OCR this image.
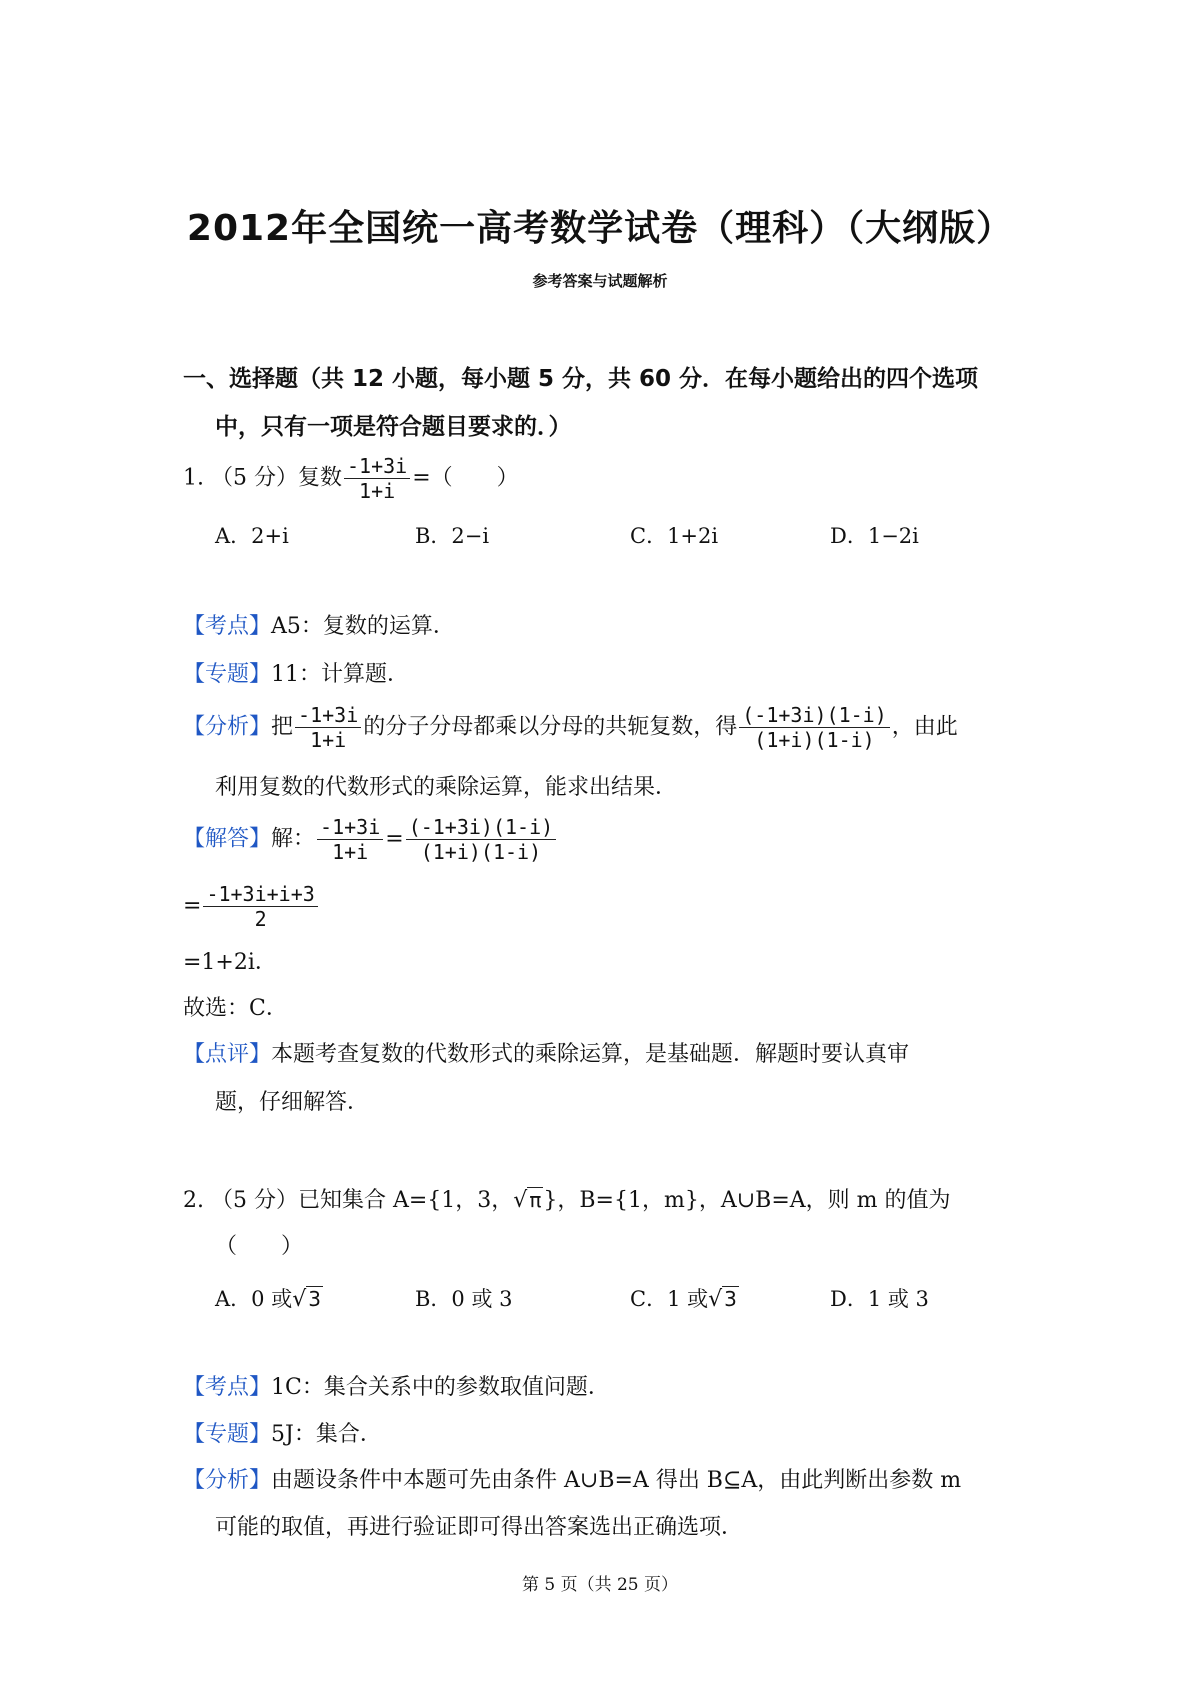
2012年全国统一高考数学试卷（理科）（大纲版）
参考答案与试题解析
一、选择题（共 12 小题，每小题 5 分，共 60 分．在每小题给出的四个选项
中，只有一项是符合题目要求的．）
1. （5 分）复数 $\frac{-1+3i}{1+i}$ =（　　）
A．2+i	B．2−i	C．1+2i	D．1−2i
【考点】A5：复数的运算．
【专题】11：计算题．
【分析】把 $\frac{-1+3i}{1+i}$ 的分子分母都乘以分母的共轭复数，得 $\frac{(-1+3i)(1-i)}{(1+i)(1-i)}$ ，由此
利用复数的代数形式的乘除运算，能求出结果．
【解答】解： $\frac{-1+3i}{1+i} = \frac{(-1+3i)(1-i)}{(1+i)(1-i)}$
= $\frac{-1+3i+i+3}{2}$
=1+2i．
故选：C．
【点评】本题考查复数的代数形式的乘除运算，是基础题．解题时要认真审
题，仔细解答．
2. （5 分）已知集合 A={1，3，√ π}，B={1，m}，A∪B=A，则 m 的值为
（　　）
A．0 或√ 3	B．0 或 3	C．1 或√ 3	D．1 或 3
【考点】1C：集合关系中的参数取值问题．
【专题】5J：集合．
【分析】由题设条件中本题可先由条件 A∪B=A 得出 B⊆A，由此判断出参数 m
可能的取值，再进行验证即可得出答案选出正确选项．
第 5 页（共 25 页）
